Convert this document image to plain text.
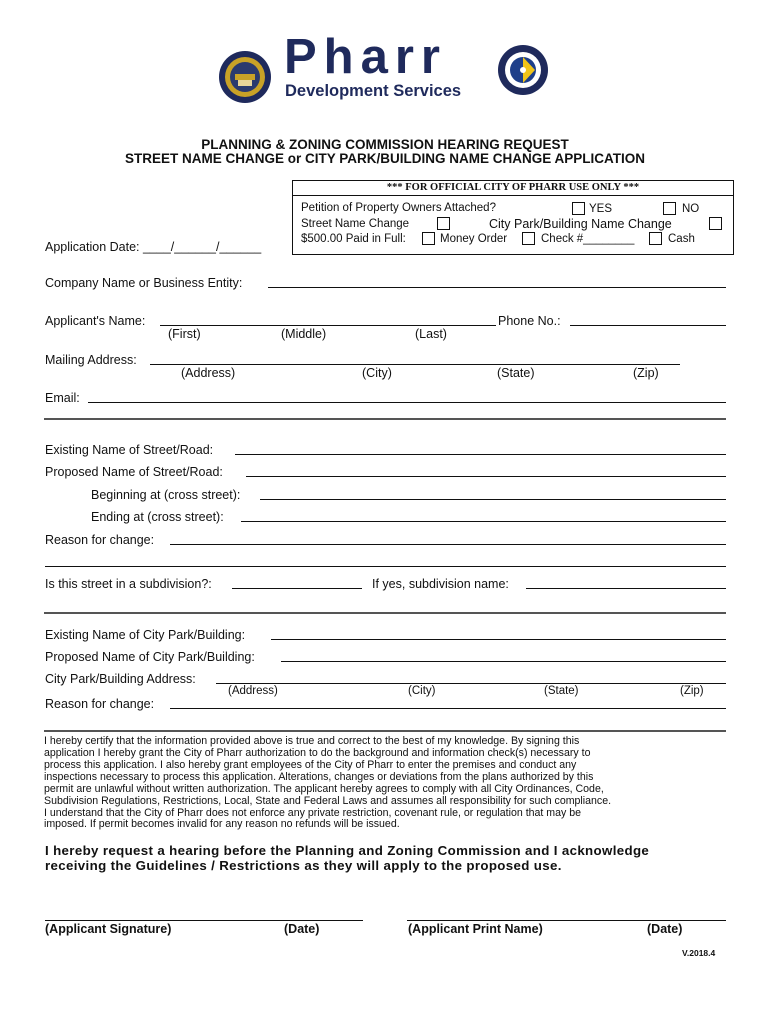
Pharr
Development Services
PLANNING & ZONING COMMISSION HEARING REQUEST
STREET NAME CHANGE or CITY PARK/BUILDING NAME CHANGE APPLICATION
*** FOR OFFICIAL CITY OF PHARR USE ONLY ***
Petition of Property Owners Attached?	YES	NO
Street Name Change	City Park/Building Name Change
$500.00 Paid in Full:	Money Order	Check #________	Cash
Application Date: ____/______/______
Company Name or Business Entity:
Applicant's Name:	Phone No.:
(First)	(Middle)	(Last)
Mailing Address:
(Address)	(City)	(State)	(Zip)
Email:
Existing Name of Street/Road:
Proposed Name of Street/Road:
Beginning at (cross street):
Ending at (cross street):
Reason for change:
Is this street in a subdivision?:	If yes, subdivision name:
Existing Name of City Park/Building:
Proposed Name of City Park/Building:
City Park/Building Address:
(Address)	(City)	(State)	(Zip)
Reason for change:
I hereby certify that the information provided above is true and correct to the best of my knowledge. By signing this
application I hereby grant the City of Pharr authorization to do the background and information check(s) necessary to
process this application. I also hereby grant employees of the City of Pharr to enter the premises and conduct any
inspections necessary to process this application. Alterations, changes or deviations from the plans authorized by this
permit are unlawful without written authorization. The applicant hereby agrees to comply with all City Ordinances, Code,
Subdivision Regulations, Restrictions, Local, State and Federal Laws and assumes all responsibility for such compliance.
I understand that the City of Pharr does not enforce any private restriction, covenant rule, or regulation that may be
imposed. If permit becomes invalid for any reason no refunds will be issued.
I hereby request a hearing before the Planning and Zoning Commission and I acknowledge
receiving the Guidelines / Restrictions as they will apply to the proposed use.
(Applicant Signature)	(Date)	(Applicant Print Name)	(Date)
V.2018.4
